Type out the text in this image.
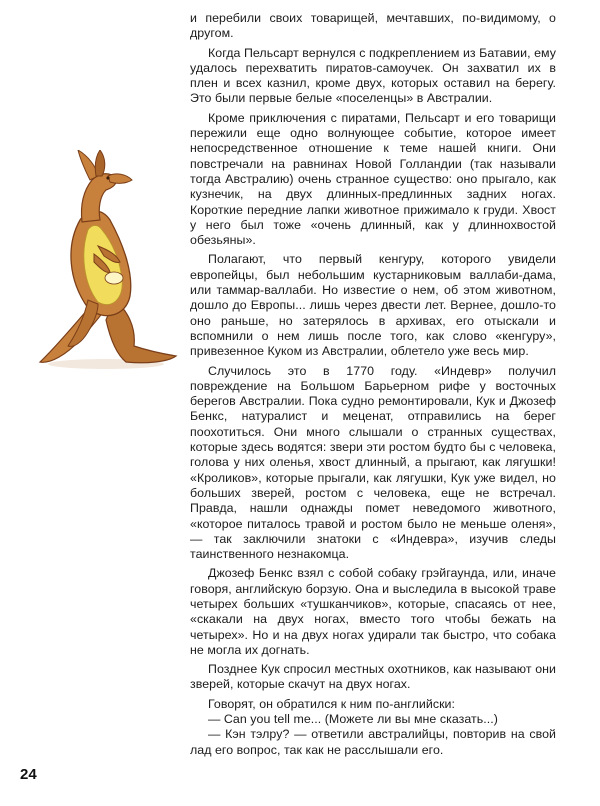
и перебили своих товарищей, мечтавших, по-видимому, о другом.

Когда Пельсарт вернулся с подкреплением из Батавии, ему удалось перехватить пиратов-самоучек. Он захватил их в плен и всех казнил, кроме двух, которых оставил на берегу. Это были первые белые «поселенцы» в Австралии.

Кроме приключения с пиратами, Пельсарт и его товарищи пережили еще одно волнующее событие, которое имеет непосредственное отношение к теме нашей книги. Они повстречали на равнинах Новой Голландии (так называли тогда Австралию) очень странное существо: оно прыгало, как кузнечик, на двух длинных-предлинных задних ногах. Короткие передние лапки животное прижимало к груди. Хвост у него был тоже «очень длинный, как у длиннохвостой обезьяны».

Полагают, что первый кенгуру, которого увидели европейцы, был небольшим кустарниковым валлаби-дама, или таммар-валлаби. Но известие о нем, об этом животном, дошло до Европы... лишь через двести лет. Вернее, дошло-то оно раньше, но затерялось в архивах, его отыскали и вспомнили о нем лишь после того, как слово «кенгуру», привезенное Куком из Австралии, облетело уже весь мир.

Случилось это в 1770 году. «Индевр» получил повреждение на Большом Барьерном рифе у восточных берегов Австралии. Пока судно ремонтировали, Кук и Джозеф Бенкс, натуралист и меценат, отправились на берег поохотиться. Они много слышали о странных существах, которые здесь водятся: звери эти ростом будто бы с человека, голова у них оленья, хвост длинный, а прыгают, как лягушки! «Кроликов», которые прыгали, как лягушки, Кук уже видел, но больших зверей, ростом с человека, еще не встречал. Правда, нашли однажды помет неведомого животного, «которое питалось травой и ростом было не меньше оленя», — так заключили знатоки с «Индевра», изучив следы таинственного незнакомца.

Джозеф Бенкс взял с собой собаку грэйгаунда, или, иначе говоря, английскую борзую. Она и выследила в высокой траве четырех больших «тушканчиков», которые, спасаясь от нее, «скакали на двух ногах, вместо того чтобы бежать на четырех». Но и на двух ногах удирали так быстро, что собака не могла их догнать.

Позднее Кук спросил местных охотников, как называют они зверей, которые скачут на двух ногах.

Говорят, он обратился к ним по-английски:

— Can you tell me... (Можете ли вы мне сказать...)

— Кэн тэлру? — ответили австралийцы, повторив на свой лад его вопрос, так как не расслышали его.

24
